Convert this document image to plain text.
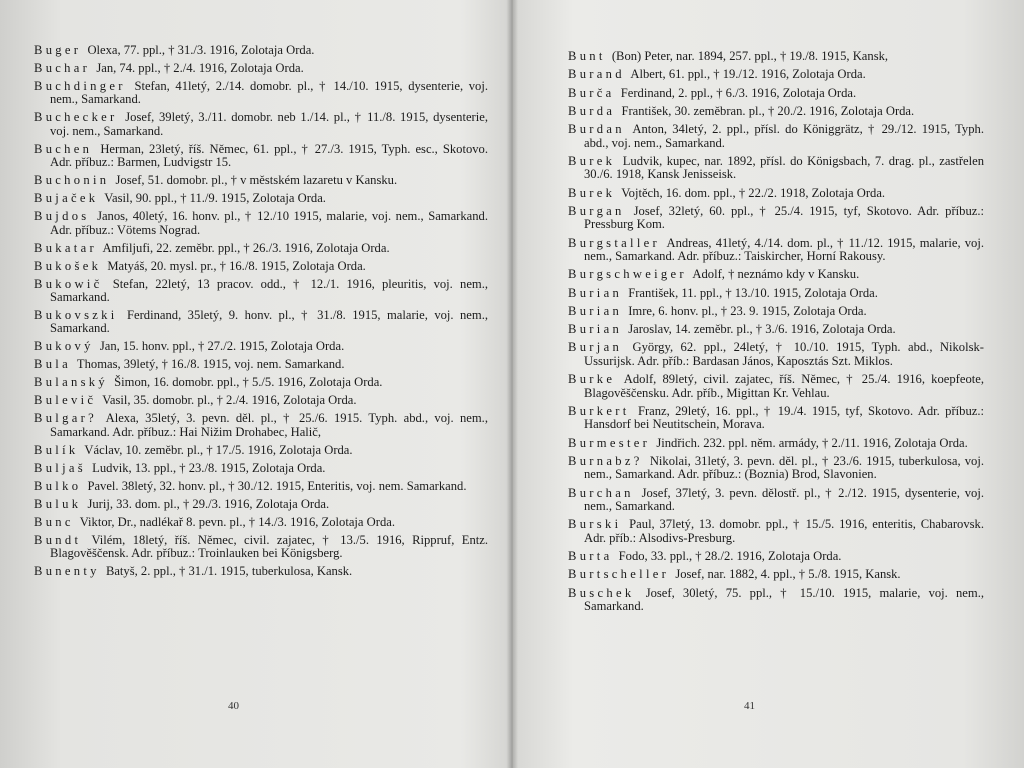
Buger Olexa, 77. ppl., † 31./3. 1916, Zolotaja Orda.

Buchar Jan, 74. ppl., † 2./4. 1916, Zolotaja Orda.

Buchdinger Stefan, 41letý, 2./14. domobr. pl., † 14./10. 1915, dysenterie, voj. nem., Samarkand.

Buchecker Josef, 39letý, 3./11. domobr. neb 1./14. pl., † 11./8. 1915, dysenterie, voj. nem., Samarkand.

Buchen Herman, 23letý, říš. Němec, 61. ppl., † 27./3. 1915, Typh. esc., Skotovo. Adr. příbuz.: Barmen, Ludvigstr 15.

Buchonin Josef, 51. domobr. pl., † v městském lazaretu v Kansku.

Bujaček Vasil, 90. ppl., † 11./9. 1915, Zolotaja Orda.

Bujdos Janos, 40letý, 16. honv. pl., † 12./10 1915, malarie, voj. nem., Samarkand. Adr. příbuz.: Vötems Nograd.

Bukatar Amfiljufi, 22. zeměbr. ppl., † 26./3. 1916, Zolotaja Orda.

Bukošek Matyáš, 20. mysl. pr., † 16./8. 1915, Zolotaja Orda.

Bukowič Stefan, 22letý, 13 pracov. odd., † 12./1. 1916, pleuritis, voj. nem., Samarkand.

Bukovszki Ferdinand, 35letý, 9. honv. pl., † 31./8. 1915, malarie, voj. nem., Samarkand.

Bukový Jan, 15. honv. ppl., † 27./2. 1915, Zolotaja Orda.

Bula Thomas, 39letý, † 16./8. 1915, voj. nem. Samarkand.

Bulanský Šimon, 16. domobr. ppl., † 5./5. 1916, Zolotaja Orda.

Bulevič Vasil, 35. domobr. pl., † 2./4. 1916, Zolotaja Orda.

Bulgar? Alexa, 35letý, 3. pevn. děl. pl., † 25./6. 1915. Typh. abd., voj. nem., Samarkand. Adr. příbuz.: Hai Nižim Drohabec, Halič,

Bulík Václav, 10. zeměbr. pl., † 17./5. 1916, Zolotaja Orda.

Buljaš Ludvik, 13. ppl., † 23./8. 1915, Zolotaja Orda.

Bulko Pavel. 38letý, 32. honv. pl., † 30./12. 1915, Enteritis, voj. nem. Samarkand.

Buluk Jurij, 33. dom. pl., † 29./3. 1916, Zolotaja Orda.

Bunc Viktor, Dr., nadlékař 8. pevn. pl., † 14./3. 1916, Zolotaja Orda.

Bundt Vilém, 18letý, říš. Němec, civil. zajatec, † 13./5. 1916, Rippruf, Entz. Blagověščensk. Adr. příbuz.: Troinlauken bei Königsberg.

Bunenty Batyš, 2. ppl., † 31./1. 1915, tuberkulosa, Kansk.

40

Bunt (Bon) Peter, nar. 1894, 257. ppl., † 19./8. 1915, Kansk,

Burand Albert, 61. ppl., † 19./12. 1916, Zolotaja Orda.

Burča Ferdinand, 2. ppl., † 6./3. 1916, Zolotaja Orda.

Burda František, 30. zeměbran. pl., † 20./2. 1916, Zolotaja Orda.

Burdan Anton, 34letý, 2. ppl., přísl. do Königgrätz, † 29./12. 1915, Typh. abd., voj. nem., Samarkand.

Burek Ludvik, kupec, nar. 1892, přísl. do Königsbach, 7. drag. pl., zastřelen 30./6. 1918, Kansk Jenisseisk.

Burek Vojtěch, 16. dom. ppl., † 22./2. 1918, Zolotaja Orda.

Burgan Josef, 32letý, 60. ppl., † 25./4. 1915, tyf, Skotovo. Adr. příbuz.: Pressburg Kom.

Burgstaller Andreas, 41letý, 4./14. dom. pl., † 11./12. 1915, malarie, voj. nem., Samarkand. Adr. příbuz.: Taiskircher, Horní Rakousy.

Burgschweiger Adolf, † neznámo kdy v Kansku.

Burian František, 11. ppl., † 13./10. 1915, Zolotaja Orda.

Burian Imre, 6. honv. pl., † 23. 9. 1915, Zolotaja Orda.

Burian Jaroslav, 14. zeměbr. pl., † 3./6. 1916, Zolotaja Orda.

Burjan György, 62. ppl., 24letý, † 10./10. 1915, Typh. abd., Nikolsk-Ussurijsk. Adr. příb.: Bardasan János, Kaposztás Szt. Miklos.

Burke Adolf, 89letý, civil. zajatec, říš. Němec, † 25./4. 1916, koepfeote, Blagověščensku. Adr. příb., Migittan Kr. Vehlau.

Burkert Franz, 29letý, 16. ppl., † 19./4. 1915, tyf, Skotovo. Adr. příbuz.: Hansdorf bei Neutitschein, Morava.

Burmester Jindřich. 232. ppl. něm. armády, † 2./11. 1916, Zolotaja Orda.

Burnabz? Nikolai, 31letý, 3. pevn. děl. pl., † 23./6. 1915, tuberkulosa, voj. nem., Samarkand. Adr. příbuz.: (Boznia) Brod, Slavonien.

Burchan Josef, 37letý, 3. pevn. dělostř. pl., † 2./12. 1915, dysenterie, voj. nem., Samarkand.

Burski Paul, 37letý, 13. domobr. ppl., † 15./5. 1916, enteritis, Chabarovsk. Adr. příb.: Alsodivs-Presburg.

Burta Fodo, 33. ppl., † 28./2. 1916, Zolotaja Orda.

Burtscheller Josef, nar. 1882, 4. ppl., † 5./8. 1915, Kansk.

Buschek Josef, 30letý, 75. ppl., † 15./10. 1915, malarie, voj. nem., Samarkand.

41
